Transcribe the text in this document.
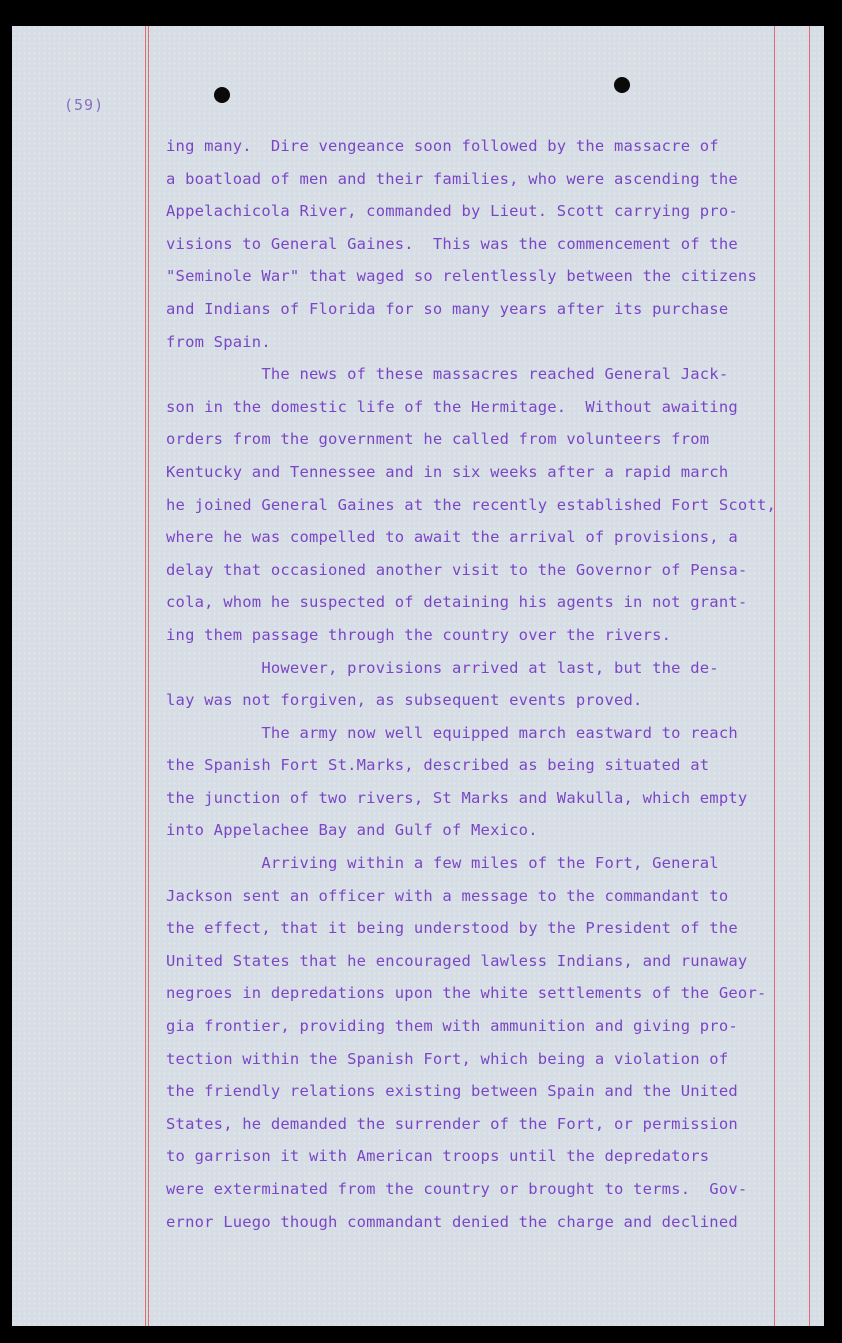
(59)
ing many.  Dire vengeance soon followed by the massacre of
a boatload of men and their families, who were ascending the
Appelachicola River, commanded by Lieut. Scott carrying pro-
visions to General Gaines.  This was the commencement of the
"Seminole War" that waged so relentlessly between the citizens
and Indians of Florida for so many years after its purchase
from Spain.
The news of these massacres reached General Jack-
son in the domestic life of the Hermitage.  Without awaiting
orders from the government he called from volunteers from
Kentucky and Tennessee and in six weeks after a rapid march
he joined General Gaines at the recently established Fort Scott,
where he was compelled to await the arrival of provisions, a
delay that occasioned another visit to the Governor of Pensa-
cola, whom he suspected of detaining his agents in not grant-
ing them passage through the country over the rivers.
However, provisions arrived at last, but the de-
lay was not forgiven, as subsequent events proved.
The army now well equipped march eastward to reach
the Spanish Fort St.Marks, described as being situated at
the junction of two rivers, St Marks and Wakulla, which empty
into Appelachee Bay and Gulf of Mexico.
Arriving within a few miles of the Fort, General
Jackson sent an officer with a message to the commandant to
the effect, that it being understood by the President of the
United States that he encouraged lawless Indians, and runaway
negroes in depredations upon the white settlements of the Geor-
gia frontier, providing them with ammunition and giving pro-
tection within the Spanish Fort, which being a violation of
the friendly relations existing between Spain and the United
States, he demanded the surrender of the Fort, or permission
to garrison it with American troops until the depredators
were exterminated from the country or brought to terms.  Gov-
ernor Luego though commandant denied the charge and declined
